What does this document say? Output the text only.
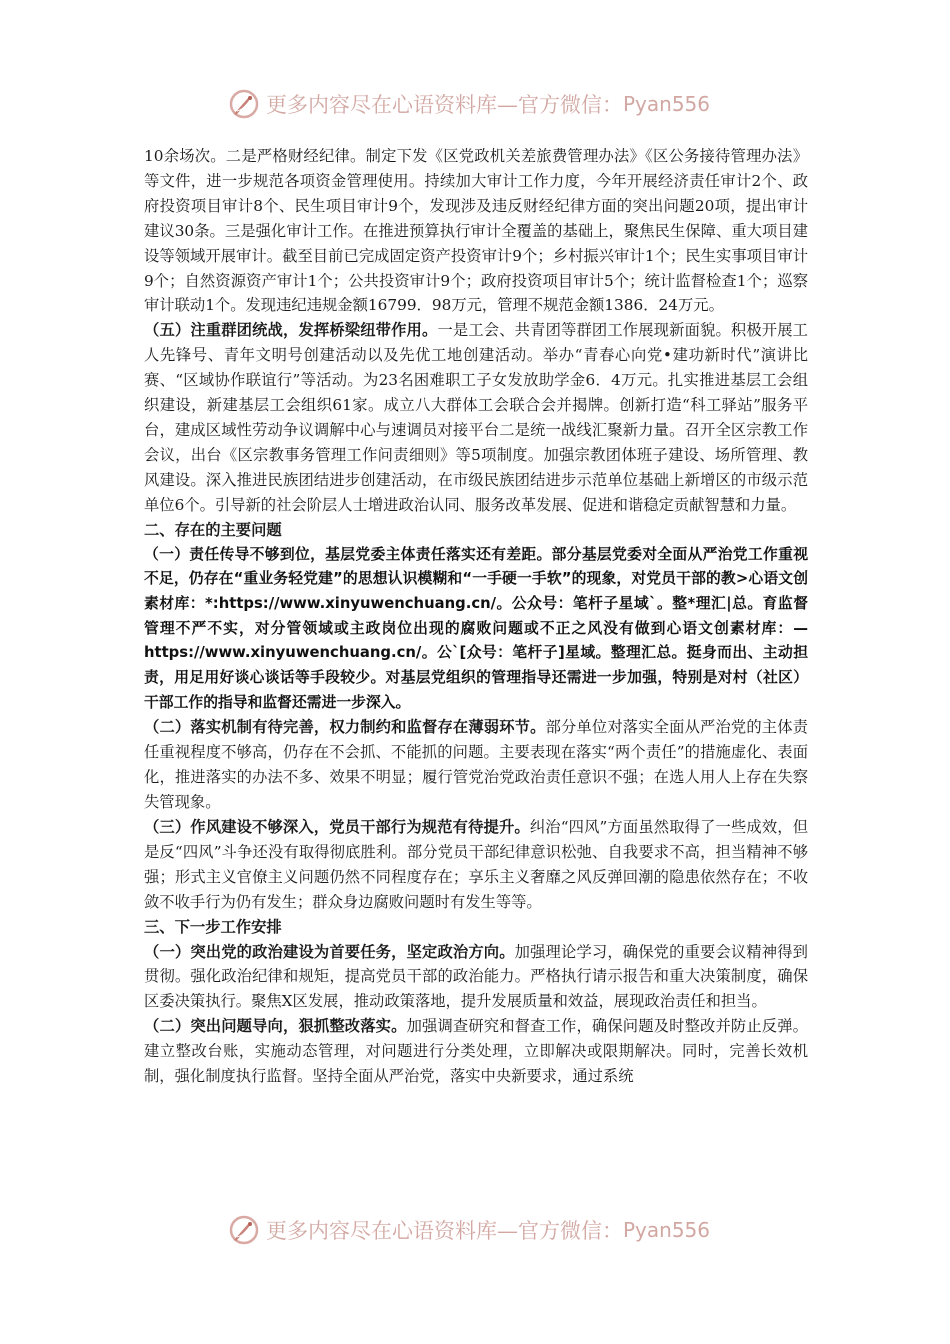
更多内容尽在心语资料库—官方微信： Pyan556

10余场次。二是严格财经纪律。制定下发《区党政机关差旅费管理办法》《区公务接待管理办法》等文件，进一步规范各项资金管理使用。持续加大审计工作力度，今年开展经济责任审计2个、政府投资项目审计8个、民生项目审计9个，发现涉及违反财经纪律方面的突出问题20项，提出审计建议30条。三是强化审计工作。在推进预算执行审计全覆盖的基础上，聚焦民生保障、重大项目建设等领域开展审计。截至目前已完成固定资产投资审计9个；乡村振兴审计1个；民生实事项目审计9个；自然资源资产审计1个；公共投资审计9个；政府投资项目审计5个；统计监督检查1个；巡察审计联动1个。发现违纪违规金额16799．98万元，管理不规范金额1386．24万元。

（五）注重群团统战，发挥桥梁纽带作用。一是工会、共青团等群团工作展现新面貌。积极开展工人先锋号、青年文明号创建活动以及先优工地创建活动。举办“青春心向党•建功新时代”演讲比赛、“区域协作联谊行”等活动。为23名困难职工子女发放助学金6．4万元。扎实推进基层工会组织建设，新建基层工会组织61家。成立八大群体工会联合会并揭牌。创新打造“科工驿站”服务平台，建成区域性劳动争议调解中心与速调员对接平台二是统一战线汇聚新力量。召开全区宗教工作会议，出台《区宗教事务管理工作问责细则》等5项制度。加强宗教团体班子建设、场所管理、教风建设。深入推进民族团结进步创建活动，在市级民族团结进步示范单位基础上新增区的市级示范单位6个。引导新的社会阶层人士增进政治认同、服务改革发展、促进和谐稳定贡献智慧和力量。

二、存在的主要问题

（一）责任传导不够到位，基层党委主体责任落实还有差距。部分基层党委对全面从严治党工作重视不足，仍存在“重业务轻党建”的思想认识模糊和“一手硬一手软”的现象，对党员干部的教>心语文创素材库：*:https://www.xinyuwenchuang.cn/。公众号：笔杆子星域`。整*理汇|总。育监督管理不严不实，对分管领域或主政岗位出现的腐败问题或不正之风没有做到心语文创素材库：—https://www.xinyuwenchuang.cn/。公`[众号：笔杆子]星域。整理汇总。挺身而出、主动担责，用足用好谈心谈话等手段较少。对基层党组织的管理指导还需进一步加强，特别是对村（社区）干部工作的指导和监督还需进一步深入。

（二）落实机制有待完善，权力制约和监督存在薄弱环节。部分单位对落实全面从严治党的主体责任重视程度不够高，仍存在不会抓、不能抓的问题。主要表现在落实“两个责任”的措施虚化、表面化，推进落实的办法不多、效果不明显；履行管党治党政治责任意识不强；在选人用人上存在失察失管现象。

（三）作风建设不够深入，党员干部行为规范有待提升。纠治“四风”方面虽然取得了一些成效，但是反“四风”斗争还没有取得彻底胜利。部分党员干部纪律意识松弛、自我要求不高，担当精神不够强；形式主义官僚主义问题仍然不同程度存在；享乐主义奢靡之风反弹回潮的隐患依然存在；不收敛不收手行为仍有发生；群众身边腐败问题时有发生等等。

三、下一步工作安排

（一）突出党的政治建设为首要任务，坚定政治方向。加强理论学习，确保党的重要会议精神得到贯彻。强化政治纪律和规矩，提高党员干部的政治能力。严格执行请示报告和重大决策制度，确保区委决策执行。聚焦X区发展，推动政策落地，提升发展质量和效益，展现政治责任和担当。

（二）突出问题导向，狠抓整改落实。加强调查研究和督查工作，确保问题及时整改并防止反弹。建立整改台账，实施动态管理，对问题进行分类处理，立即解决或限期解决。同时，完善长效机制，强化制度执行监督。坚持全面从严治党，落实中央新要求，通过系统

更多内容尽在心语资料库—官方微信： Pyan556
